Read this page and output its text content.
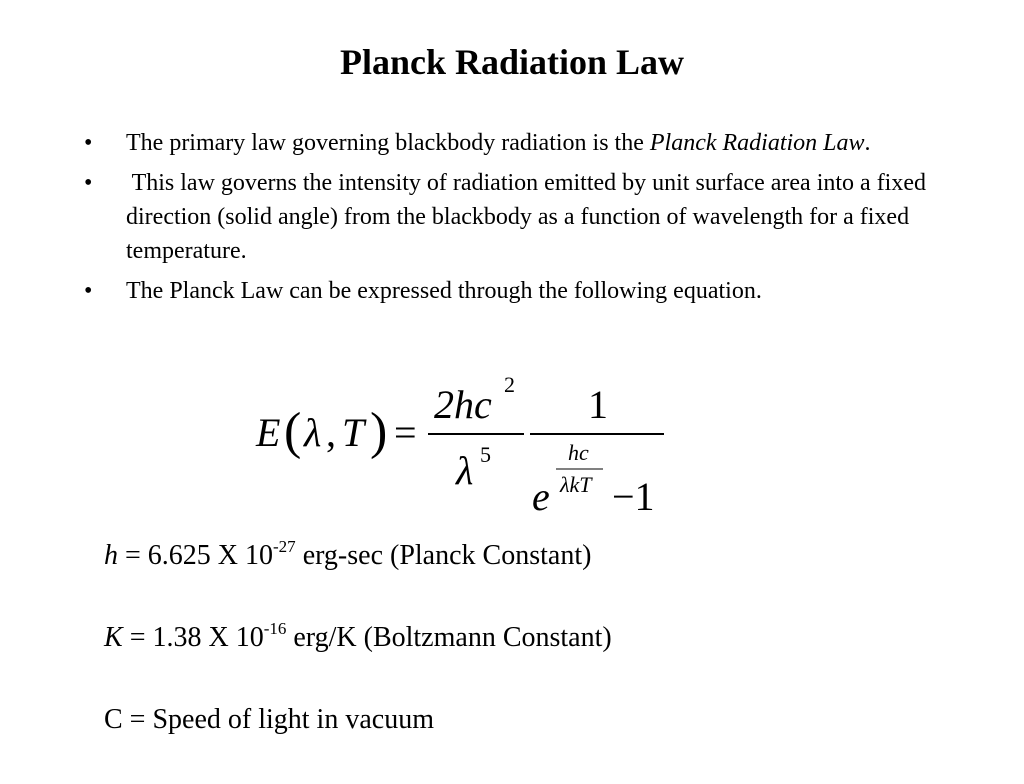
Planck Radiation Law
• The primary law governing blackbody radiation is the Planck Radiation Law.
• This law governs the intensity of radiation emitted by unit surface area into a fixed direction (solid angle) from the blackbody as a function of wavelength for a fixed temperature.
• The Planck Law can be expressed through the following equation.
E ( λ , T ) =
2hc 2
λ 5
1
e
hc
λkT −1
h = 6.625 X $10^{-27}$ erg-sec (Planck Constant)
K = 1.38 X $10^{-16}$ erg/K (Boltzmann Constant)
C = Speed of light in vacuum
